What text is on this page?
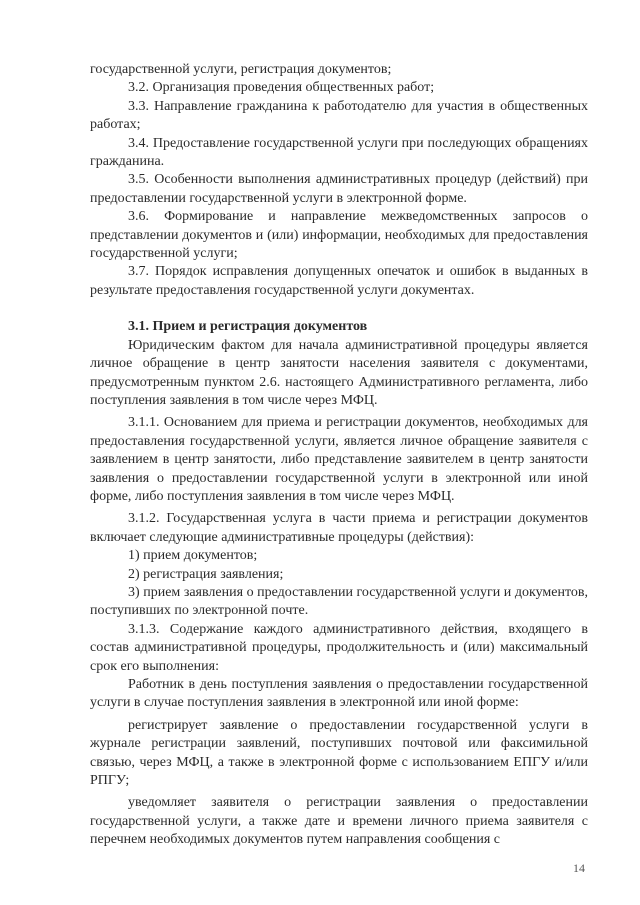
государственной услуги, регистрация документов;

3.2. Организация проведения общественных работ;

3.3. Направление гражданина к работодателю для участия в общественных работах;

3.4. Предоставление государственной услуги при последующих обращениях гражданина.

3.5. Особенности выполнения административных процедур (действий) при предоставлении государственной услуги в электронной форме.

3.6. Формирование и направление межведомственных запросов о представлении документов и (или) информации, необходимых для предоставления государственной услуги;

3.7. Порядок исправления допущенных опечаток и ошибок в выданных в результате предоставления государственной услуги документах.

3.1. Прием и регистрация документов

Юридическим фактом для начала административной процедуры является личное обращение в центр занятости населения заявителя с документами, предусмотренным пунктом 2.6. настоящего Административного регламента, либо поступления заявления в том числе через МФЦ.

3.1.1. Основанием для приема и регистрации документов, необходимых для предоставления государственной услуги, является личное обращение заявителя с заявлением в центр занятости, либо представление заявителем в центр занятости заявления о предоставлении государственной услуги в электронной или иной форме, либо поступления заявления в том числе через МФЦ.

3.1.2. Государственная услуга в части приема и регистрации документов включает следующие административные процедуры (действия):

1) прием документов;

2) регистрация заявления;

3) прием заявления о предоставлении государственной услуги и документов, поступивших по электронной почте.

3.1.3. Содержание каждого административного действия, входящего в состав административной процедуры, продолжительность и (или) максимальный срок его выполнения:

Работник в день поступления заявления о предоставлении государственной услуги в случае поступления заявления в электронной или иной форме:

регистрирует заявление о предоставлении государственной услуги в журнале регистрации заявлений, поступивших почтовой или факсимильной связью, через МФЦ, а также в электронной форме с использованием ЕПГУ и/или РПГУ;

уведомляет заявителя о регистрации заявления о предоставлении государственной услуги, а также дате и времени личного приема заявителя с перечнем необходимых документов путем направления сообщения с

14
